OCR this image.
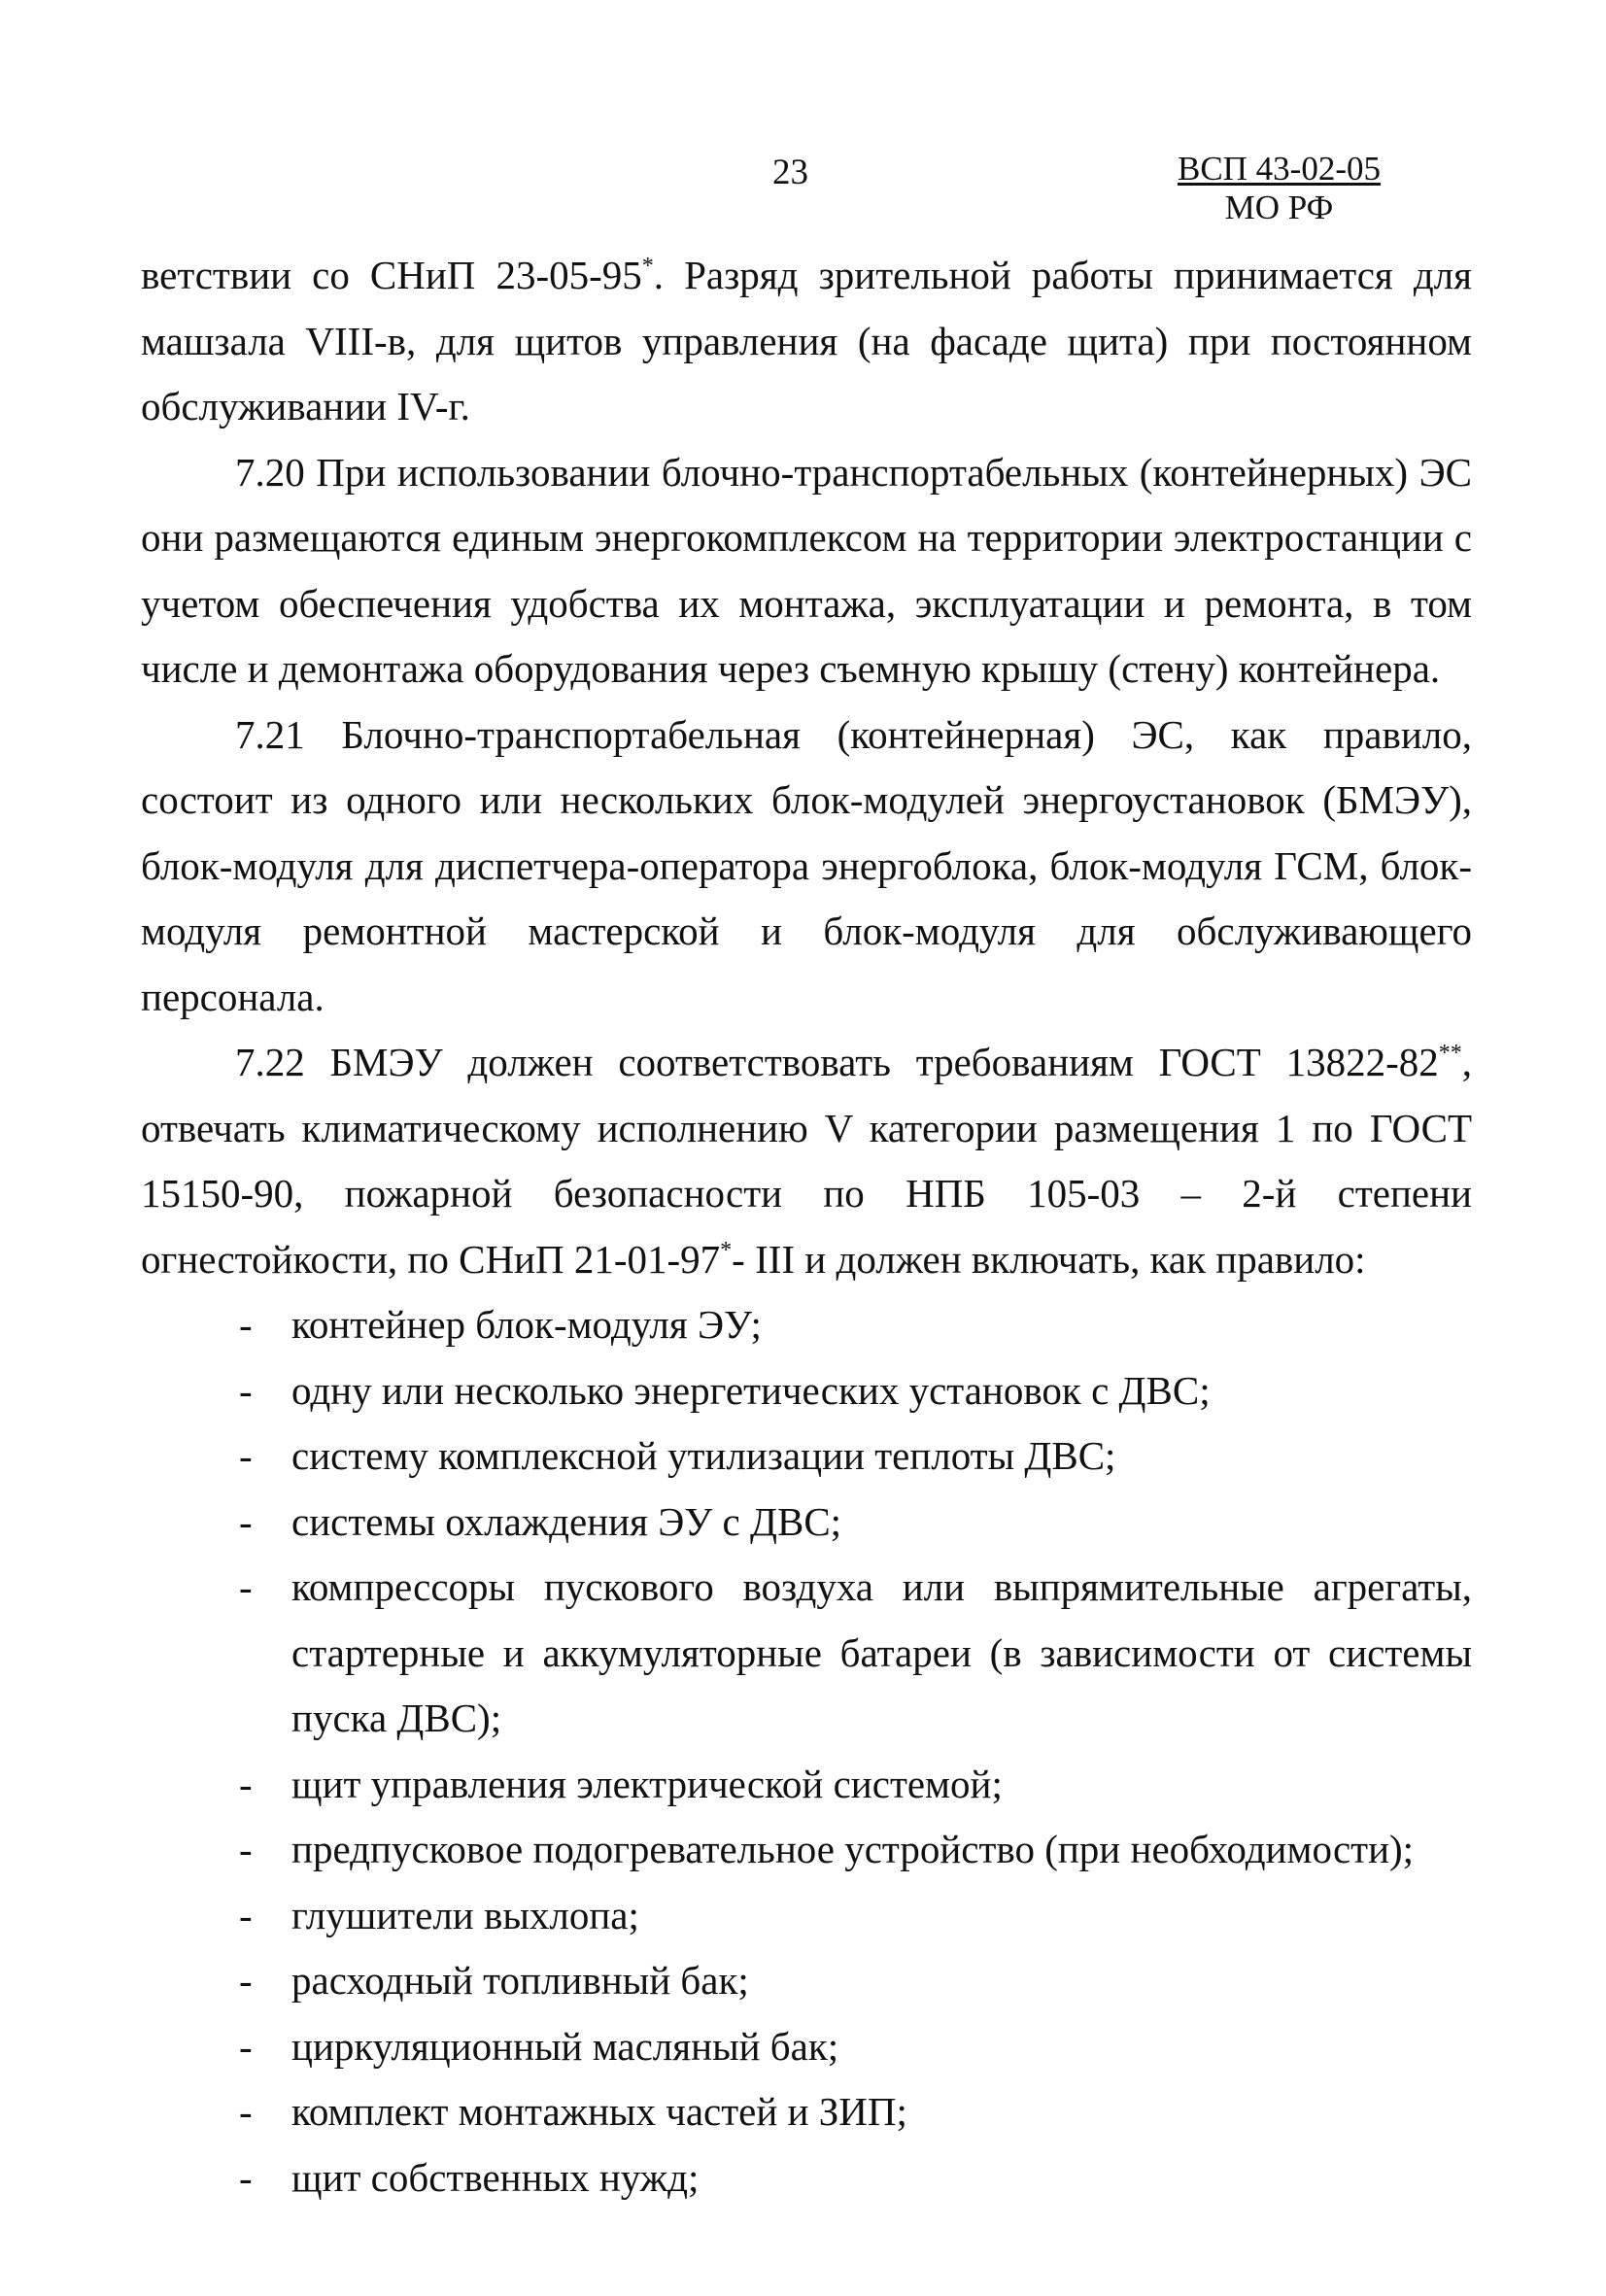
23	ВСП 43-02-05
МО РФ

ветствии со СНиП 23-05-95*. Разряд зрительной работы принимается для машзала VIII-в, для щитов управления (на фасаде щита) при постоянном обслуживании IV-г.

7.20 При использовании блочно-транспортабельных (контейнерных) ЭС они размещаются единым энергокомплексом на территории электростанции с учетом обеспечения удобства их монтажа, эксплуатации и ремонта, в том числе и демонтажа оборудования через съемную крышу (стену) контейнера.

7.21 Блочно-транспортабельная (контейнерная) ЭС, как правило, состоит из одного или нескольких блок-модулей энергоустановок (БМЭУ), блок-модуля для диспетчера-оператора энергоблока, блок-модуля ГСМ, блок-модуля ремонтной мастерской и блок-модуля для обслуживающего персонала.

7.22 БМЭУ должен соответствовать требованиям ГОСТ 13822-82**, отвечать климатическому исполнению V категории размещения 1 по ГОСТ 15150-90, пожарной безопасности по НПБ 105-03 – 2-й степени огнестойкости, по СНиП 21-01-97*- III и должен включать, как правило:

- контейнер блок-модуля ЭУ;
- одну или несколько энергетических установок с ДВС;
- систему комплексной утилизации теплоты ДВС;
- системы охлаждения ЭУ с ДВС;
- компрессоры пускового воздуха или выпрямительные агрегаты, стартерные и аккумуляторные батареи (в зависимости от системы пуска ДВС);
- щит управления электрической системой;
- предпусковое подогревательное устройство (при необходимости);
- глушители выхлопа;
- расходный топливный бак;
- циркуляционный масляный бак;
- комплект монтажных частей и ЗИП;
- щит собственных нужд;
